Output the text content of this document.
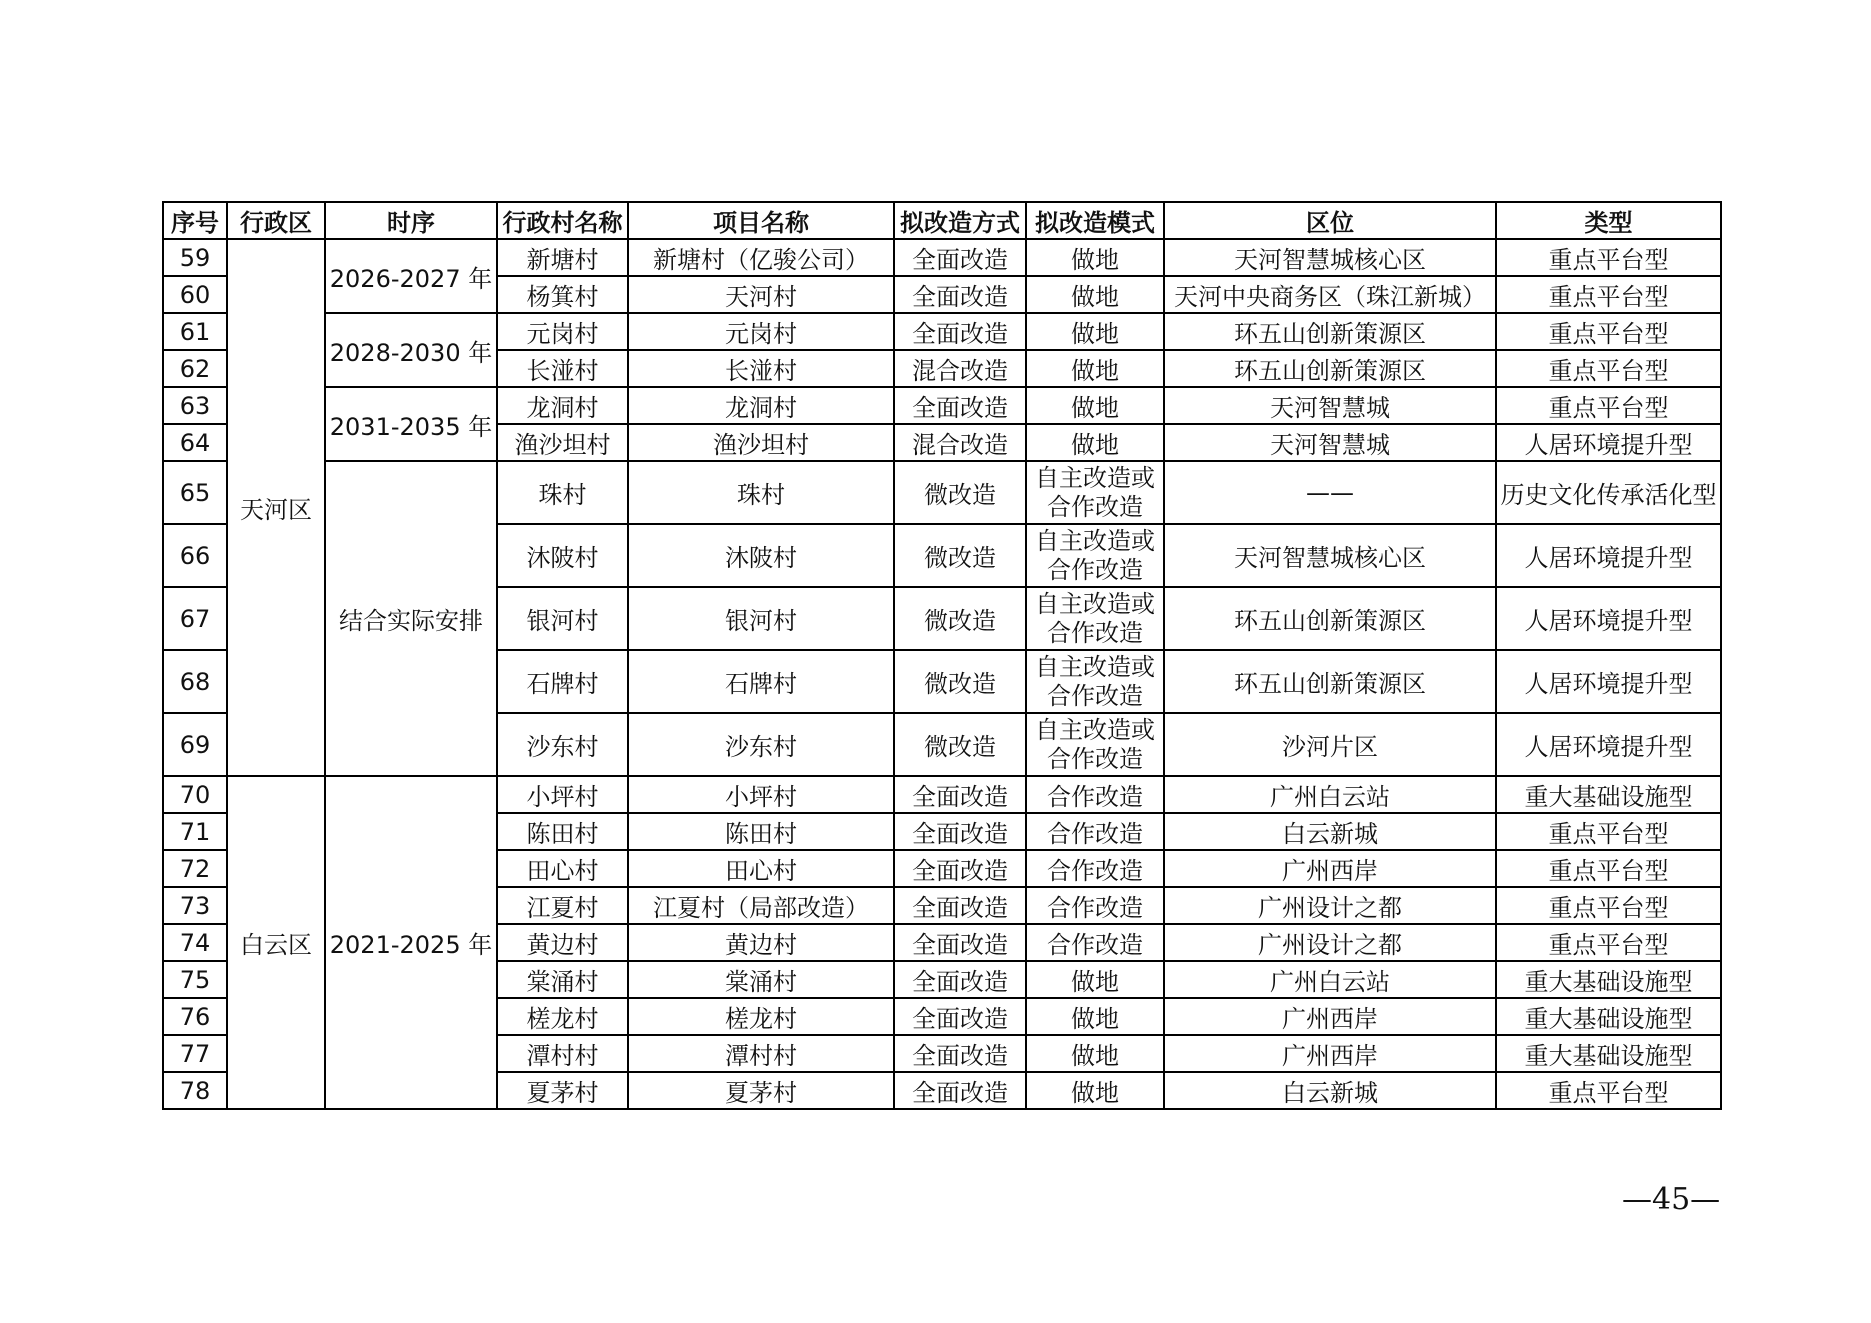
序号	行政区	时序	行政村名称	项目名称	拟改造方式	拟改造模式	区位	类型
59	天河区	2026-2027 年	新塘村	新塘村（亿骏公司）	全面改造	做地	天河智慧城核心区	重点平台型
60			杨箕村	天河村	全面改造	做地	天河中央商务区（珠江新城）	重点平台型
61		2028-2030 年	元岗村	元岗村	全面改造	做地	环五山创新策源区	重点平台型
62			长湴村	长湴村	混合改造	做地	环五山创新策源区	重点平台型
63		2031-2035 年	龙洞村	龙洞村	全面改造	做地	天河智慧城	重点平台型
64			渔沙坦村	渔沙坦村	混合改造	做地	天河智慧城	人居环境提升型
65		结合实际安排	珠村	珠村	微改造	自主改造或合作改造	——	历史文化传承活化型
66			沐陂村	沐陂村	微改造	自主改造或合作改造	天河智慧城核心区	人居环境提升型
67			银河村	银河村	微改造	自主改造或合作改造	环五山创新策源区	人居环境提升型
68			石牌村	石牌村	微改造	自主改造或合作改造	环五山创新策源区	人居环境提升型
69			沙东村	沙东村	微改造	自主改造或合作改造	沙河片区	人居环境提升型
70	白云区	2021-2025 年	小坪村	小坪村	全面改造	合作改造	广州白云站	重大基础设施型
71			陈田村	陈田村	全面改造	合作改造	白云新城	重点平台型
72			田心村	田心村	全面改造	合作改造	广州西岸	重点平台型
73			江夏村	江夏村（局部改造）	全面改造	合作改造	广州设计之都	重点平台型
74			黄边村	黄边村	全面改造	合作改造	广州设计之都	重点平台型
75			棠涌村	棠涌村	全面改造	做地	广州白云站	重大基础设施型
76			槎龙村	槎龙村	全面改造	做地	广州西岸	重大基础设施型
77			潭村村	潭村村	全面改造	做地	广州西岸	重大基础设施型
78			夏茅村	夏茅村	全面改造	做地	白云新城	重点平台型
—45—
